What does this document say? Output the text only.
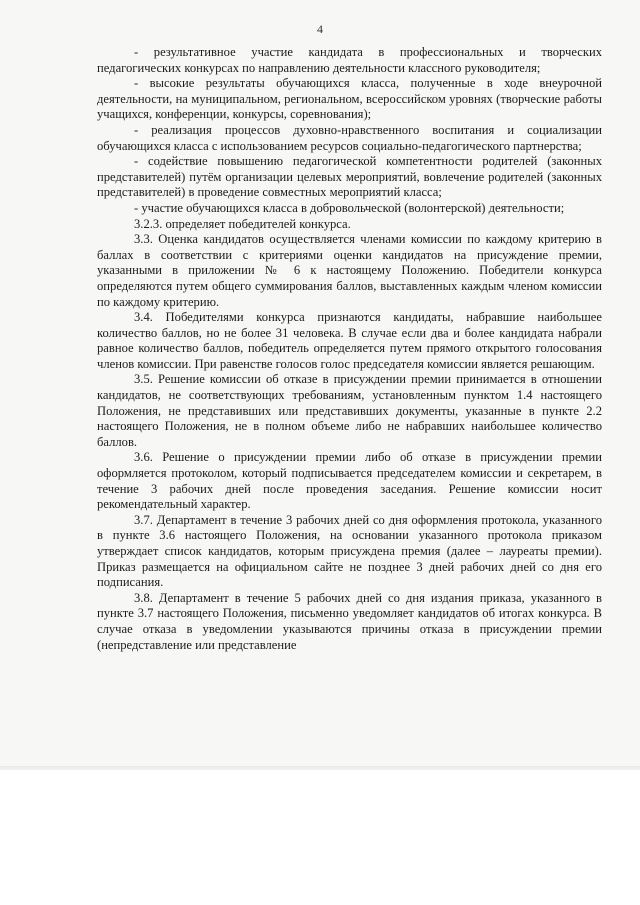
4

- результативное участие кандидата в профессиональных и творческих педагогических конкурсах по направлению деятельности классного руководителя;

- высокие результаты обучающихся класса, полученные в ходе внеурочной деятельности, на муниципальном, региональном, всероссийском уровнях (творческие работы учащихся, конференции, конкурсы, соревнования);

- реализация процессов духовно-нравственного воспитания и социализации обучающихся класса с использованием ресурсов социально-педагогического партнерства;

- содействие повышению педагогической компетентности родителей (законных представителей) путём организации целевых мероприятий, вовлечение родителей (законных представителей) в проведение совместных мероприятий класса;

- участие обучающихся класса в добровольческой (волонтерской) деятельности;

3.2.3. определяет победителей конкурса.

3.3. Оценка кандидатов осуществляется членами комиссии по каждому критерию в баллах в соответствии с критериями оценки кандидатов на присуждение премии, указанными в приложении № 6 к настоящему Положению. Победители конкурса определяются путем общего суммирования баллов, выставленных каждым членом комиссии по каждому критерию.

3.4. Победителями конкурса признаются кандидаты, набравшие наибольшее количество баллов, но не более 31 человека. В случае если два и более кандидата набрали равное количество баллов, победитель определяется путем прямого открытого голосования членов комиссии. При равенстве голосов голос председателя комиссии является решающим.

3.5. Решение комиссии об отказе в присуждении премии принимается в отношении кандидатов, не соответствующих требованиям, установленным пунктом 1.4 настоящего Положения, не представивших или представивших документы, указанные в пункте 2.2 настоящего Положения, не в полном объеме либо не набравших наибольшее количество баллов.

3.6. Решение о присуждении премии либо об отказе в присуждении премии оформляется протоколом, который подписывается председателем комиссии и секретарем, в течение 3 рабочих дней после проведения заседания. Решение комиссии носит рекомендательный характер.

3.7. Департамент в течение 3 рабочих дней со дня оформления протокола, указанного в пункте 3.6 настоящего Положения, на основании указанного протокола приказом утверждает список кандидатов, которым присуждена премия (далее – лауреаты премии). Приказ размещается на официальном сайте не позднее 3 дней рабочих дней со дня его подписания.

3.8. Департамент в течение 5 рабочих дней со дня издания приказа, указанного в пункте 3.7 настоящего Положения, письменно уведомляет кандидатов об итогах конкурса. В случае отказа в уведомлении указываются причины отказа в присуждении премии (непредставление или представление
